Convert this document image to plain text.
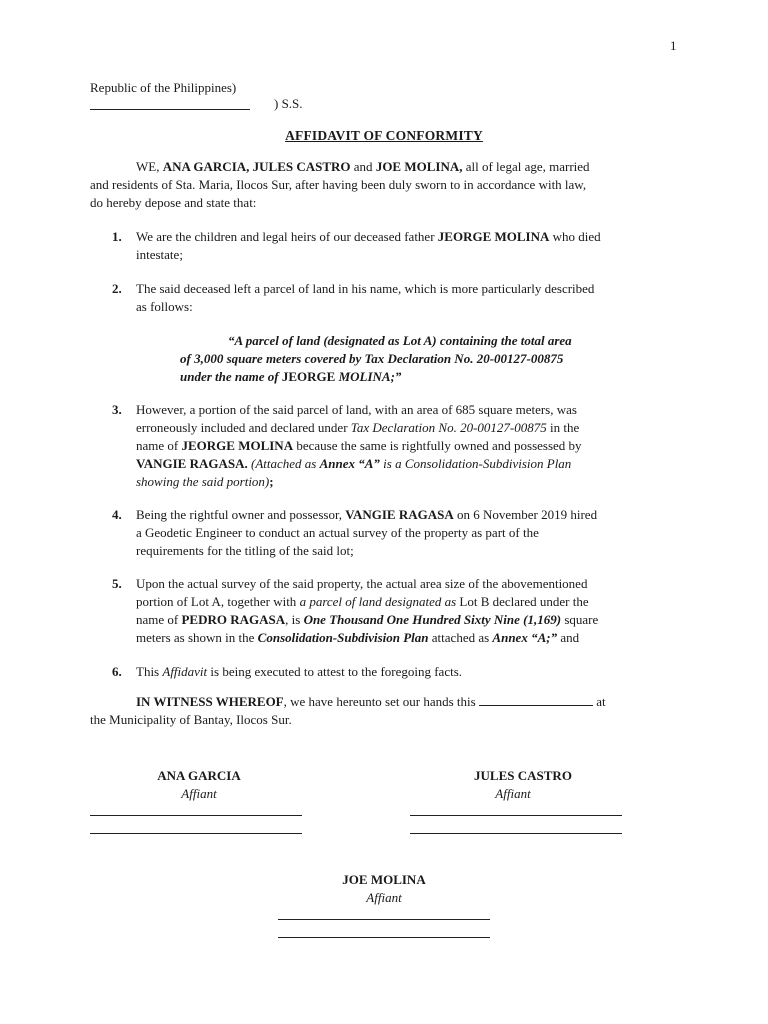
1
Republic of the Philippines)
) S.S.
AFFIDAVIT OF CONFORMITY
WE, ANA GARCIA, JULES CASTRO and JOE MOLINA, all of legal age, married
and residents of Sta. Maria, Ilocos Sur, after having been duly sworn to in accordance with law,
do hereby depose and state that:
1. We are the children and legal heirs of our deceased father JEORGE MOLINA who died
intestate;
2. The said deceased left a parcel of land in his name, which is more particularly described
as follows:
“A parcel of land (designated as Lot A) containing the total area
of 3,000 square meters covered by Tax Declaration No. 20-00127-00875
under the name of JEORGE MOLINA;”
3. However, a portion of the said parcel of land, with an area of 685 square meters, was
erroneously included and declared under Tax Declaration No. 20-00127-00875 in the
name of JEORGE MOLINA because the same is rightfully owned and possessed by
VANGIE RAGASA. (Attached as Annex “A” is a Consolidation-Subdivision Plan
showing the said portion);
4. Being the rightful owner and possessor, VANGIE RAGASA on 6 November 2019 hired
a Geodetic Engineer to conduct an actual survey of the property as part of the
requirements for the titling of the said lot;
5. Upon the actual survey of the said property, the actual area size of the abovementioned
portion of Lot A, together with a parcel of land designated as Lot B declared under the
name of PEDRO RAGASA, is One Thousand One Hundred Sixty Nine (1,169) square
meters as shown in the Consolidation-Subdivision Plan attached as Annex “A;” and
6. This Affidavit is being executed to attest to the foregoing facts.
IN WITNESS WHEREOF, we have hereunto set our hands this	at
the Municipality of Bantay, Ilocos Sur.
ANA GARCIA
Affiant
JULES CASTRO
Affiant
JOE MOLINA
Affiant
